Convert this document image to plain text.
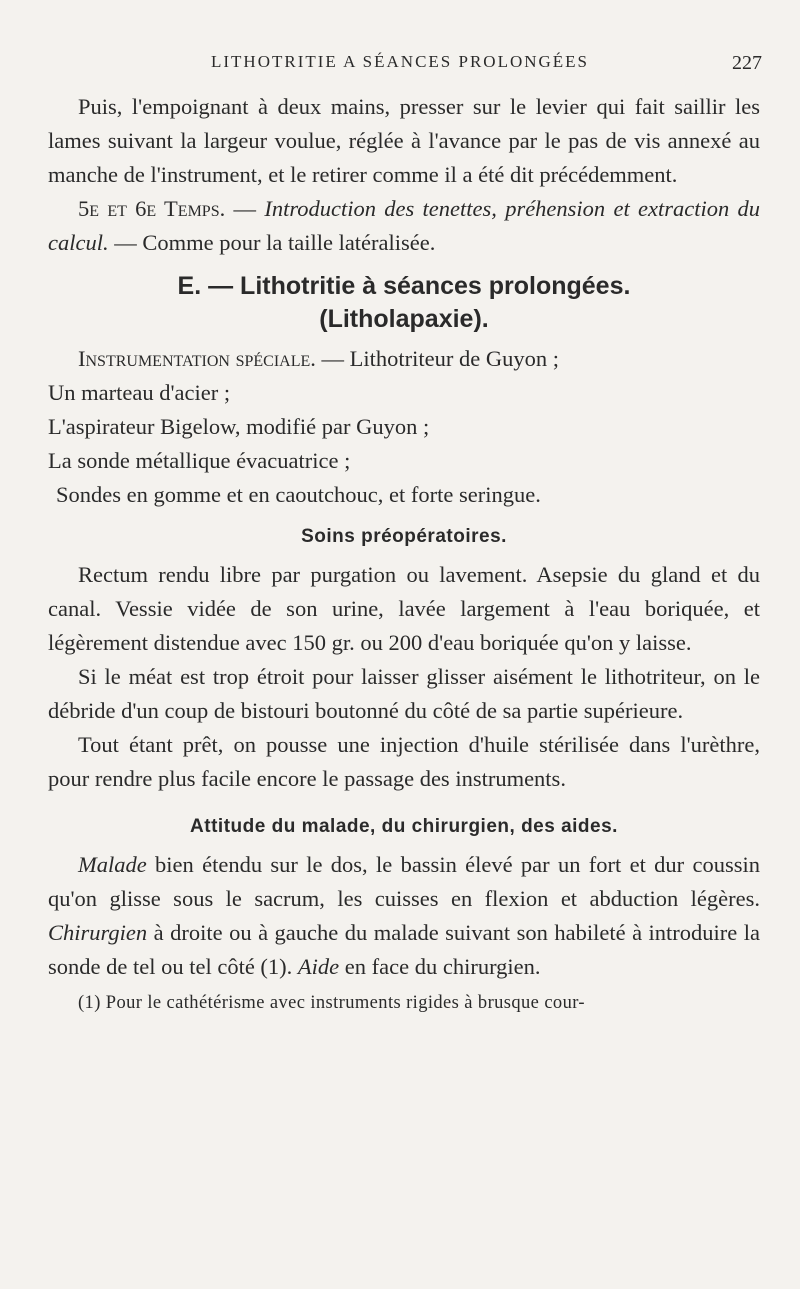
LITHOTRITIE A SÉANCES PROLONGÉES	227

Puis, l'empoignant à deux mains, presser sur le levier qui fait saillir les lames suivant la largeur voulue, réglée à l'avance par le pas de vis annexé au manche de l'instrument, et le retirer comme il a été dit précédemment.

5e et 6e Temps. — Introduction des tenettes, préhension et extraction du calcul. — Comme pour la taille latéralisée.

E. — Lithotritie à séances prolongées.
(Litholapaxie).

Instrumentation spéciale. — Lithotriteur de Guyon ;

Un marteau d'acier ;

L'aspirateur Bigelow, modifié par Guyon ;

La sonde métallique évacuatrice ;

Sondes en gomme et en caoutchouc, et forte seringue.

Soins préopératoires.

Rectum rendu libre par purgation ou lavement. Asepsie du gland et du canal. Vessie vidée de son urine, lavée largement à l'eau boriquée, et légèrement distendue avec 150 gr. ou 200 d'eau boriquée qu'on y laisse.

Si le méat est trop étroit pour laisser glisser aisément le lithotriteur, on le débride d'un coup de bistouri boutonné du côté de sa partie supérieure.

Tout étant prêt, on pousse une injection d'huile stérilisée dans l'urèthre, pour rendre plus facile encore le passage des instruments.

Attitude du malade, du chirurgien, des aides.

Malade bien étendu sur le dos, le bassin élevé par un fort et dur coussin qu'on glisse sous le sacrum, les cuisses en flexion et abduction légères. Chirurgien à droite ou à gauche du malade suivant son habileté à introduire la sonde de tel ou tel côté (1). Aide en face du chirurgien.

(1) Pour le cathétérisme avec instruments rigides à brusque cour-
